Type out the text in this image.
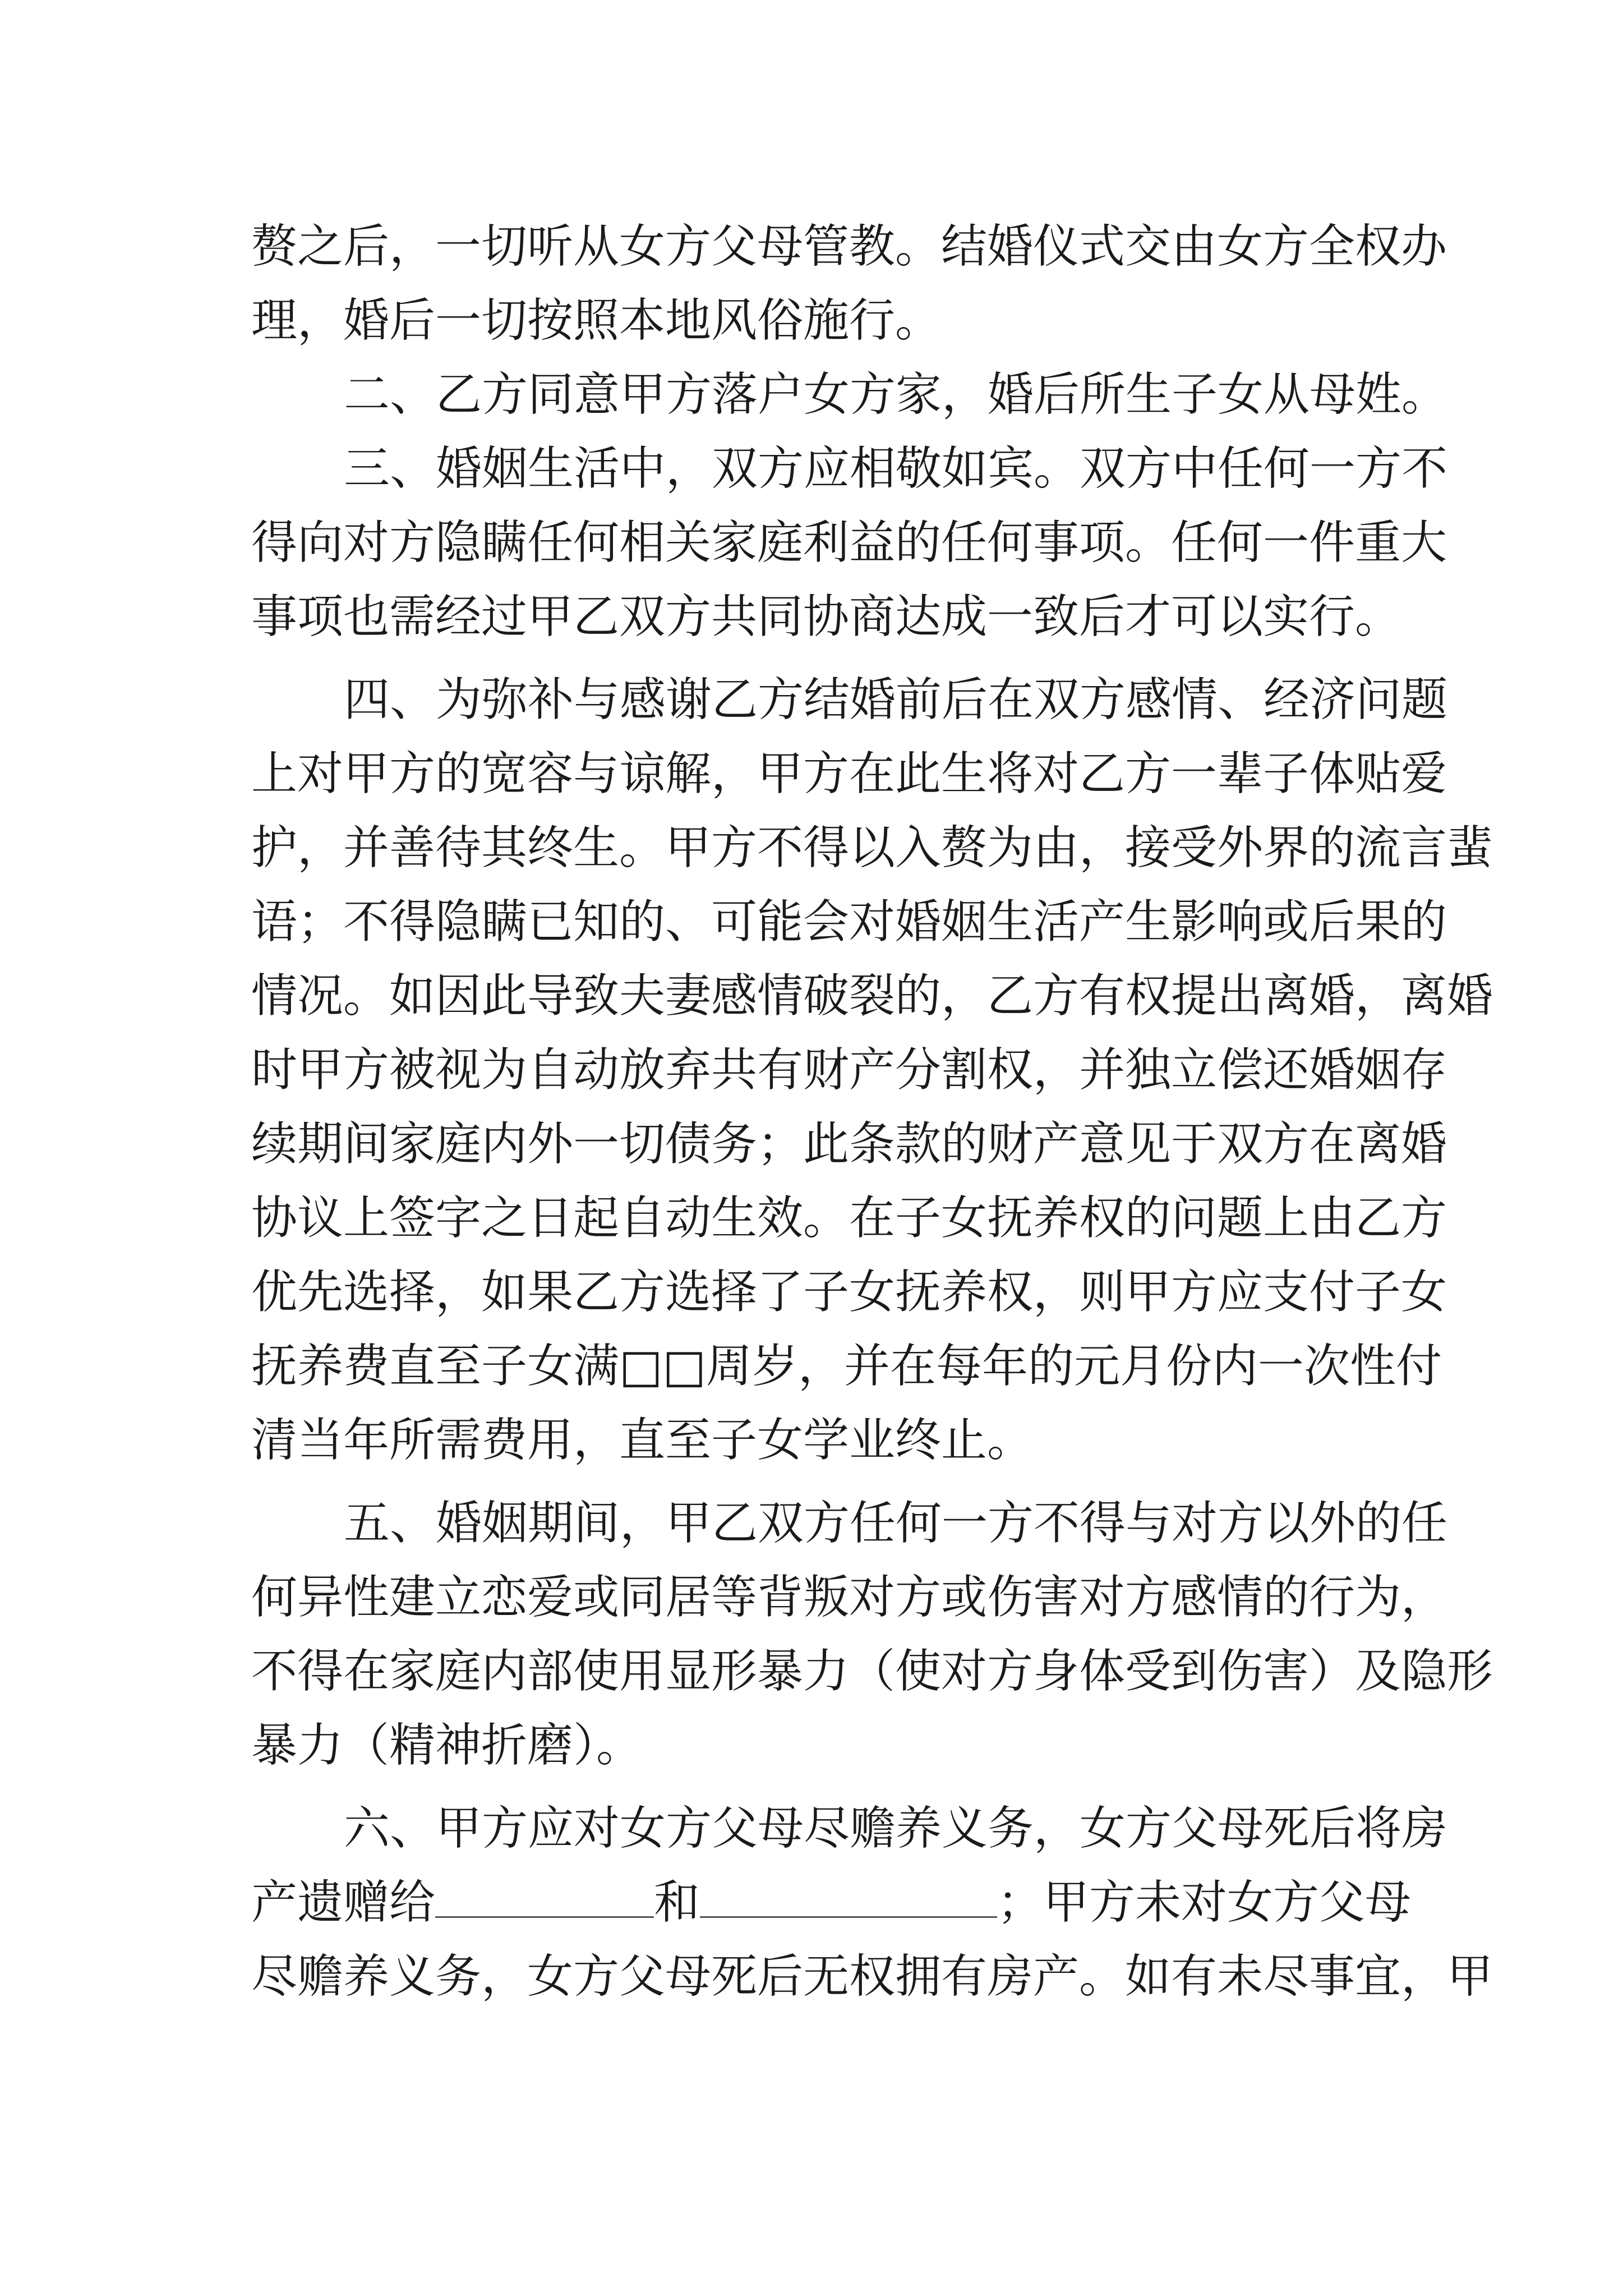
赘之后，一切听从女方父母管教。结婚仪式交由女方全权办
理，婚后一切按照本地风俗施行。
二、乙方同意甲方落户女方家，婚后所生子女从母姓。
三、婚姻生活中，双方应相敬如宾。双方中任何一方不
得向对方隐瞒任何相关家庭利益的任何事项。任何一件重大
事项也需经过甲乙双方共同协商达成一致后才可以实行。
四、为弥补与感谢乙方结婚前后在双方感情、经济问题
上对甲方的宽容与谅解，甲方在此生将对乙方一辈子体贴爱
护，并善待其终生。甲方不得以入赘为由，接受外界的流言蜚
语；不得隐瞒已知的、可能会对婚姻生活产生影响或后果的
情况。如因此导致夫妻感情破裂的，乙方有权提出离婚，离婚
时甲方被视为自动放弃共有财产分割权，并独立偿还婚姻存
续期间家庭内外一切债务；此条款的财产意见于双方在离婚
协议上签字之日起自动生效。在子女抚养权的问题上由乙方
优先选择，如果乙方选择了子女抚养权，则甲方应支付子女
抚养费直至子女满□□周岁，并在每年的元月份内一次性付
清当年所需费用，直至子女学业终止。
五、婚姻期间，甲乙双方任何一方不得与对方以外的任
何异性建立恋爱或同居等背叛对方或伤害对方感情的行为，
不得在家庭内部使用显形暴力（使对方身体受到伤害）及隐形
暴力（精神折磨）。
六、甲方应对女方父母尽赡养义务，女方父母死后将房
产遗赠给	和	；甲方未对女方父母
尽赡养义务，女方父母死后无权拥有房产。如有未尽事宜，甲
